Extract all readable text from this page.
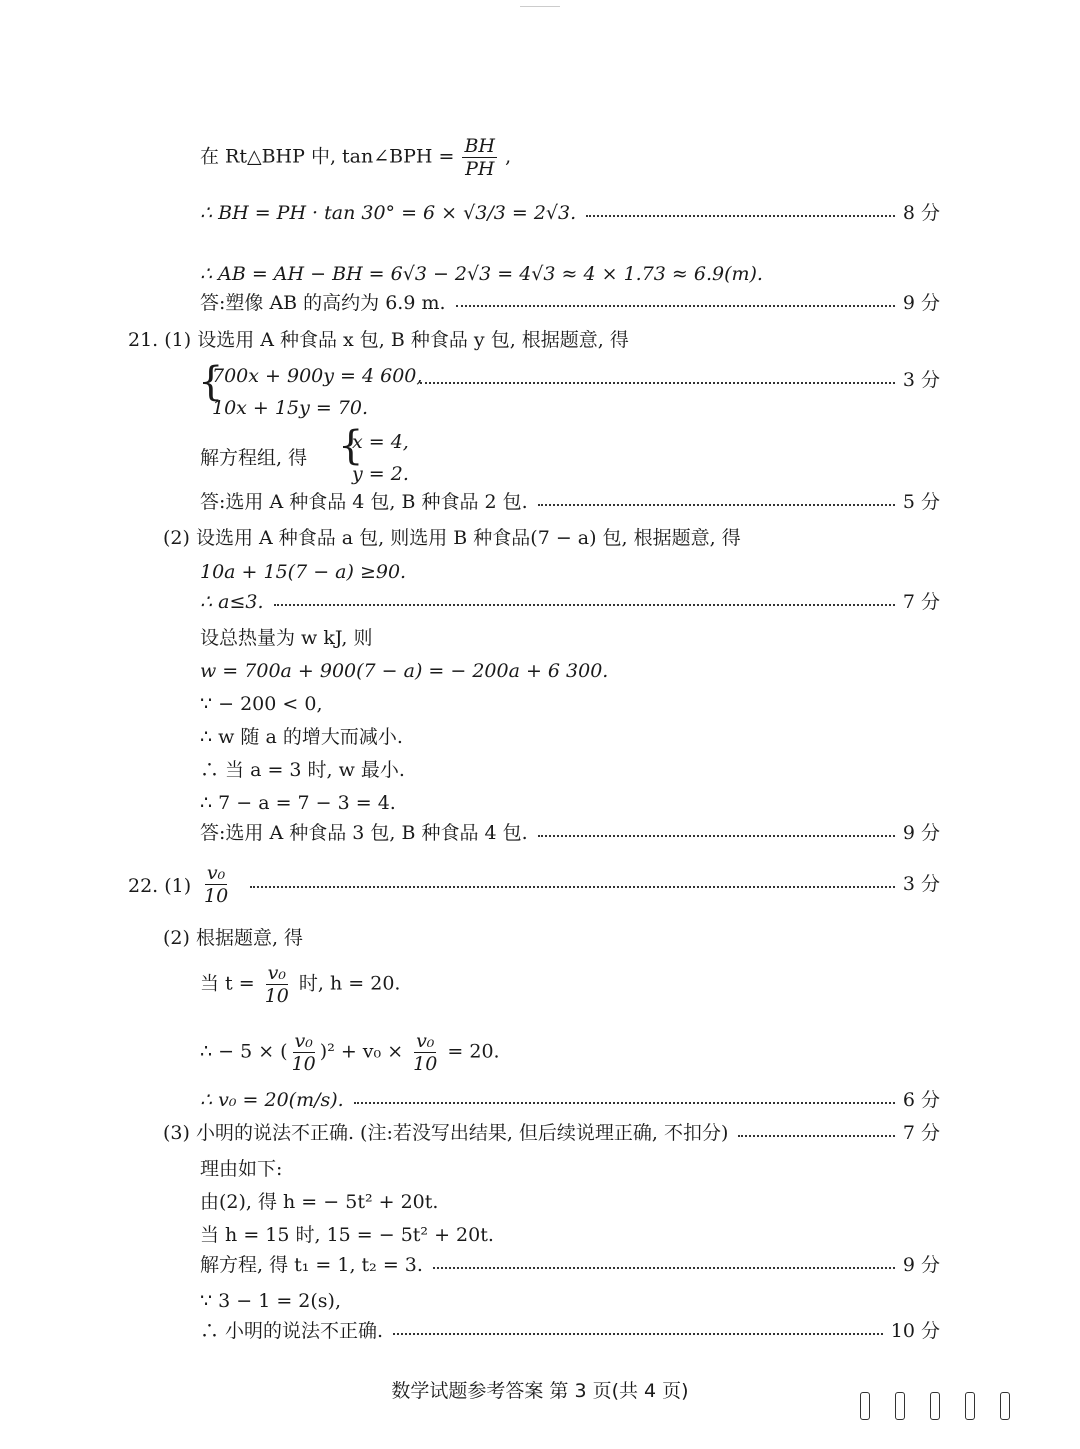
在 Rt△BHP 中, tan∠BPH = $\frac{BH}{PH}$ ,
∴ BH = PH · tan 30° = 6 × √3/3 = 2√3.	8 分
∴ AB = AH − BH = 6√3 − 2√3 = 4√3 ≈ 4 × 1.73 ≈ 6.9(m).
答:塑像 AB 的高约为 6.9 m.	9 分
21. (1) 设选用 A 种食品 x 包, B 种食品 y 包, 根据题意, 得
{
700x + 900y = 4 600,
10x + 15y = 70.
3 分
解方程组, 得 {
x = 4,
y = 2.
答:选用 A 种食品 4 包, B 种食品 2 包.	5 分
(2) 设选用 A 种食品 a 包, 则选用 B 种食品(7 − a) 包, 根据题意, 得
10a + 15(7 − a) ≥90.
∴ a≤3.	7 分
设总热量为 w kJ, 则
w = 700a + 900(7 − a) = − 200a + 6 300.
∵ − 200 < 0,
∴ w 随 a 的增大而减小.
∴ 当 a = 3 时, w 最小.
∴ 7 − a = 7 − 3 = 4.
答:选用 A 种食品 3 包, B 种食品 4 包.	9 分
22. $(1) \frac{\text{v₀}}{10}$	3 分
(2) 根据题意, 得
当 $t = \frac{\text{v₀}}{10}$ 时, h = 20.
∴ − 5 × ( $\frac{\text{v₀}}{10} )^2 + v_0 \times \frac{\text{v₀}}{10} = 20$.
∴ v₀ = 20(m/s).	6 分
(3) 小明的说法不正确. (注:若没写出结果, 但后续说理正确, 不扣分)	7 分
理由如下:
由(2), 得 h = − 5t² + 20t.
当 h = 15 时, 15 = − 5t² + 20t.
解方程, 得 t₁ = 1, t₂ = 3.	9 分
∵ 3 − 1 = 2(s),
∴ 小明的说法不正确.	10 分
数学试题参考答案 第 3 页(共 4 页)
